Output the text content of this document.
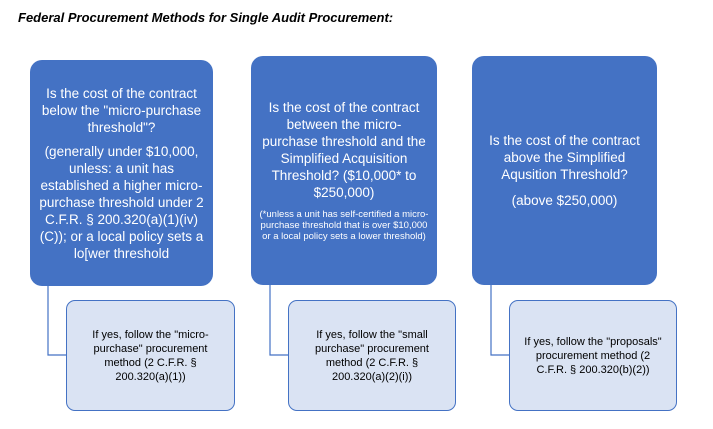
Federal Procurement Methods for Single Audit Procurement:
Is the cost of the contract below the "micro-purchase threshold"?
(generally under $10,000, unless: a unit has established a higher micro-purchase threshold under 2 C.F.R. § 200.320(a)(1)(iv)(C)); or a local policy sets a lo[wer threshold
Is the cost of the contract between the micro-purchase threshold and the Simplified Acquisition Threshold? ($10,000* to $250,000)
(*unless a unit has self-certified a micro-purchase threshold that is over $10,000 or a local policy sets a lower threshold)
Is the cost of the contract above the Simplified Aqusition Threshold?
(above $250,000)
If yes, follow the "micro-purchase" procurement method (2 C.F.R. § 200.320(a)(1))
If yes, follow the "small purchase" procurement method (2 C.F.R. § 200.320(a)(2)(i))
If yes, follow the "proposals" procurement method (2 C.F.R. § 200.320(b)(2))
